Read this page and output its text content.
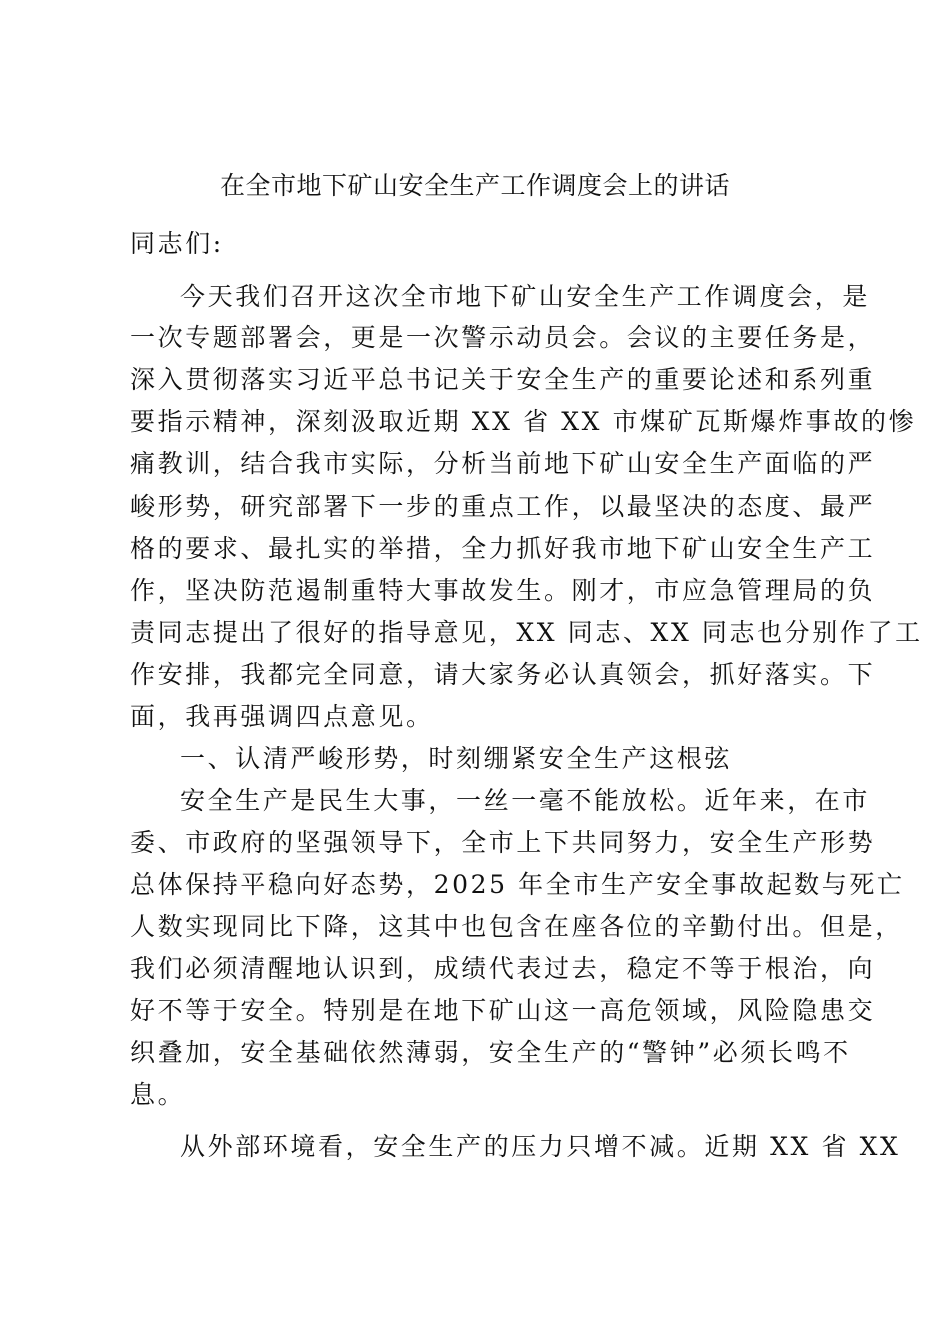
在全市地下矿山安全生产工作调度会上的讲话
同志们:
今天我们召开这次全市地下矿山安全生产工作调度会，是
一次专题部署会，更是一次警示动员会。会议的主要任务是，
深入贯彻落实习近平总书记关于安全生产的重要论述和系列重
要指示精神，深刻汲取近期 XX 省 XX 市煤矿瓦斯爆炸事故的惨
痛教训，结合我市实际，分析当前地下矿山安全生产面临的严
峻形势，研究部署下一步的重点工作，以最坚决的态度、最严
格的要求、最扎实的举措，全力抓好我市地下矿山安全生产工
作，坚决防范遏制重特大事故发生。刚才，市应急管理局的负
责同志提出了很好的指导意见，XX 同志、XX 同志也分别作了工
作安排，我都完全同意，请大家务必认真领会，抓好落实。下
面，我再强调四点意见。
一、认清严峻形势，时刻绷紧安全生产这根弦
安全生产是民生大事，一丝一毫不能放松。近年来，在市
委、市政府的坚强领导下，全市上下共同努力，安全生产形势
总体保持平稳向好态势，2025 年全市生产安全事故起数与死亡
人数实现同比下降，这其中也包含在座各位的辛勤付出。但是，
我们必须清醒地认识到，成绩代表过去，稳定不等于根治，向
好不等于安全。特别是在地下矿山这一高危领域，风险隐患交
织叠加，安全基础依然薄弱，安全生产的“警钟”必须长鸣不
息。
从外部环境看，安全生产的压力只增不减。近期 XX 省 XX
